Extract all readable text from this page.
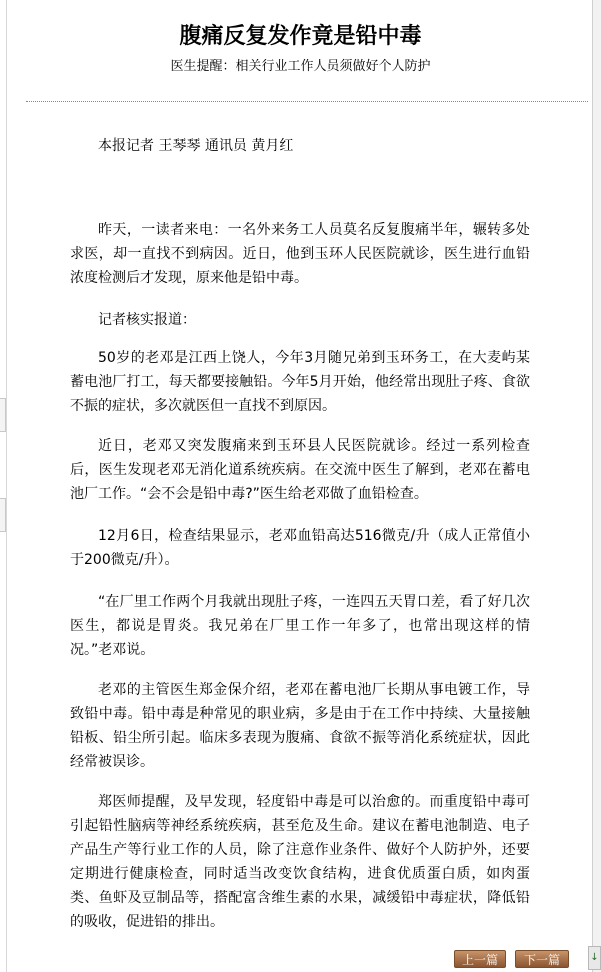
腹痛反复发作竟是铅中毒

医生提醒：相关行业工作人员须做好个人防护

本报记者 王琴琴 通讯员 黄月红

昨天，一读者来电：一名外来务工人员莫名反复腹痛半年，辗转多处求医，却一直找不到病因。近日，他到玉环人民医院就诊，医生进行血铅浓度检测后才发现，原来他是铅中毒。

记者核实报道：

50岁的老邓是江西上饶人，今年3月随兄弟到玉环务工，在大麦屿某蓄电池厂打工，每天都要接触铅。今年5月开始，他经常出现肚子疼、食欲不振的症状，多次就医但一直找不到原因。

近日，老邓又突发腹痛来到玉环县人民医院就诊。经过一系列检查后，医生发现老邓无消化道系统疾病。在交流中医生了解到，老邓在蓄电池厂工作。“会不会是铅中毒?”医生给老邓做了血铅检查。

12月6日，检查结果显示，老邓血铅高达516微克/升（成人正常值小于200微克/升）。

“在厂里工作两个月我就出现肚子疼，一连四五天胃口差，看了好几次医生，都说是胃炎。我兄弟在厂里工作一年多了，也常出现这样的情况。”老邓说。

老邓的主管医生郑金保介绍，老邓在蓄电池厂长期从事电镀工作，导致铅中毒。铅中毒是种常见的职业病，多是由于在工作中持续、大量接触铅板、铅尘所引起。临床多表现为腹痛、食欲不振等消化系统症状，因此经常被误诊。

郑医师提醒，及早发现，轻度铅中毒是可以治愈的。而重度铅中毒可引起铅性脑病等神经系统疾病，甚至危及生命。建议在蓄电池制造、电子产品生产等行业工作的人员，除了注意作业条件、做好个人防护外，还要定期进行健康检查，同时适当改变饮食结构，进食优质蛋白质，如肉蛋类、鱼虾及豆制品等，搭配富含维生素的水果，减缓铅中毒症状，降低铅的吸收，促进铅的排出。

上一篇	下一篇	↓
